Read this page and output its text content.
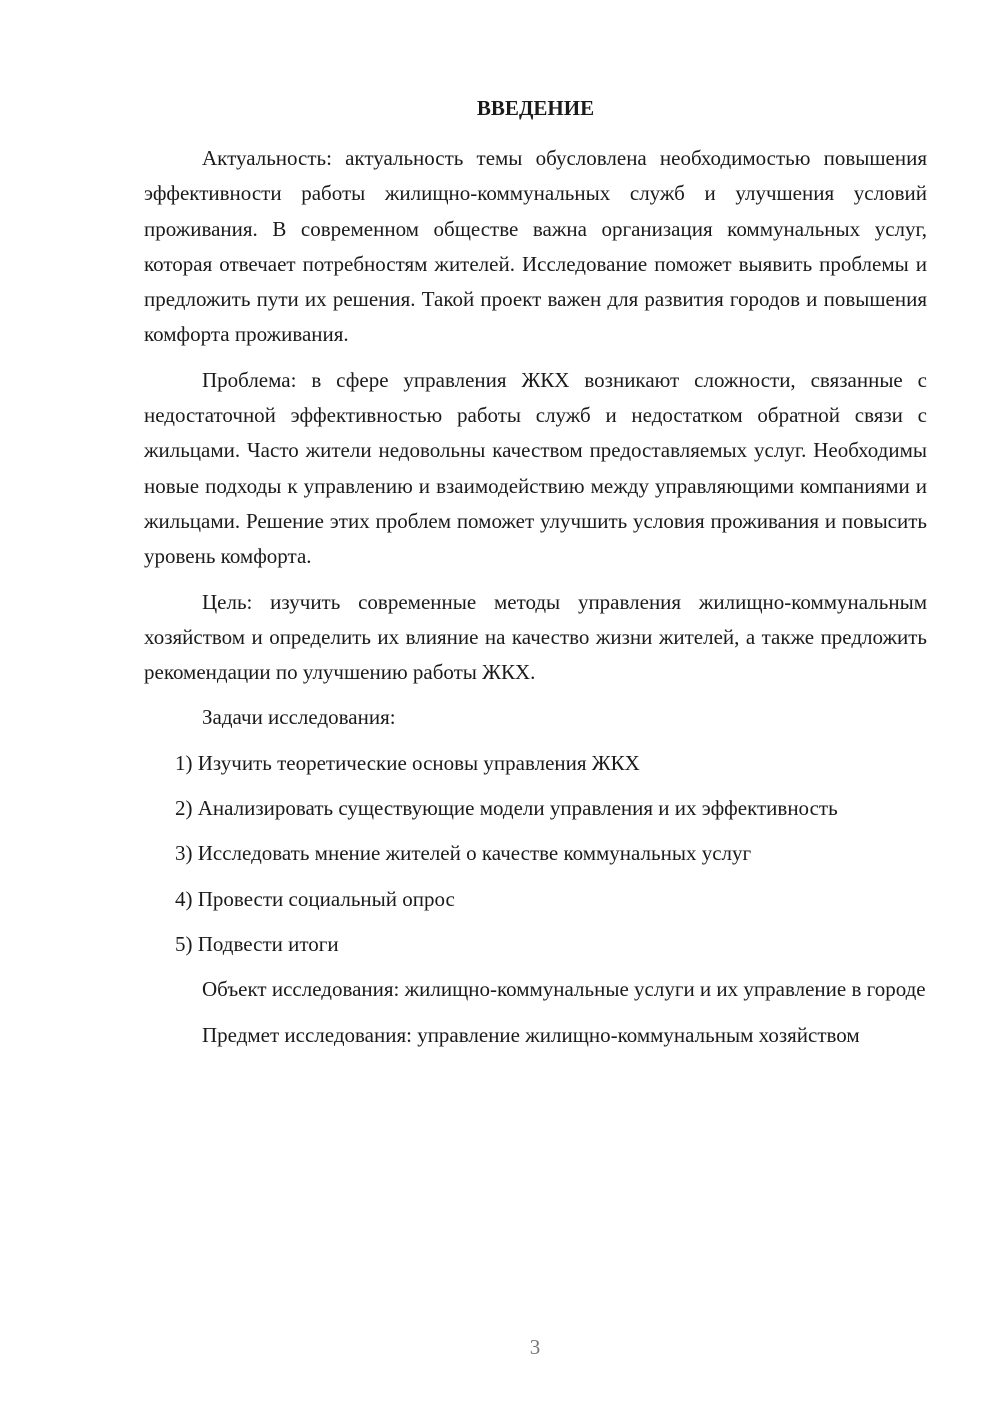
ВВЕДЕНИЕ

Актуальность: актуальность темы обусловлена необходимостью повышения эффективности работы жилищно-коммунальных служб и улучшения условий проживания. В современном обществе важна организация коммунальных услуг, которая отвечает потребностям жителей. Исследование поможет выявить проблемы и предложить пути их решения. Такой проект важен для развития городов и повышения комфорта проживания.

Проблема: в сфере управления ЖКХ возникают сложности, связанные с недостаточной эффективностью работы служб и недостатком обратной связи с жильцами. Часто жители недовольны качеством предоставляемых услуг. Необходимы новые подходы к управлению и взаимодействию между управляющими компаниями и жильцами. Решение этих проблем поможет улучшить условия проживания и повысить уровень комфорта.

Цель: изучить современные методы управления жилищно-коммунальным хозяйством и определить их влияние на качество жизни жителей, а также предложить рекомендации по улучшению работы ЖКХ.

Задачи исследования:

1) Изучить теоретические основы управления ЖКХ

2) Анализировать существующие модели управления и их эффективность

3) Исследовать мнение жителей о качестве коммунальных услуг

4) Провести социальный опрос

5) Подвести итоги

Объект исследования: жилищно-коммунальные услуги и их управление в городе

Предмет исследования: управление жилищно-коммунальным хозяйством

3
